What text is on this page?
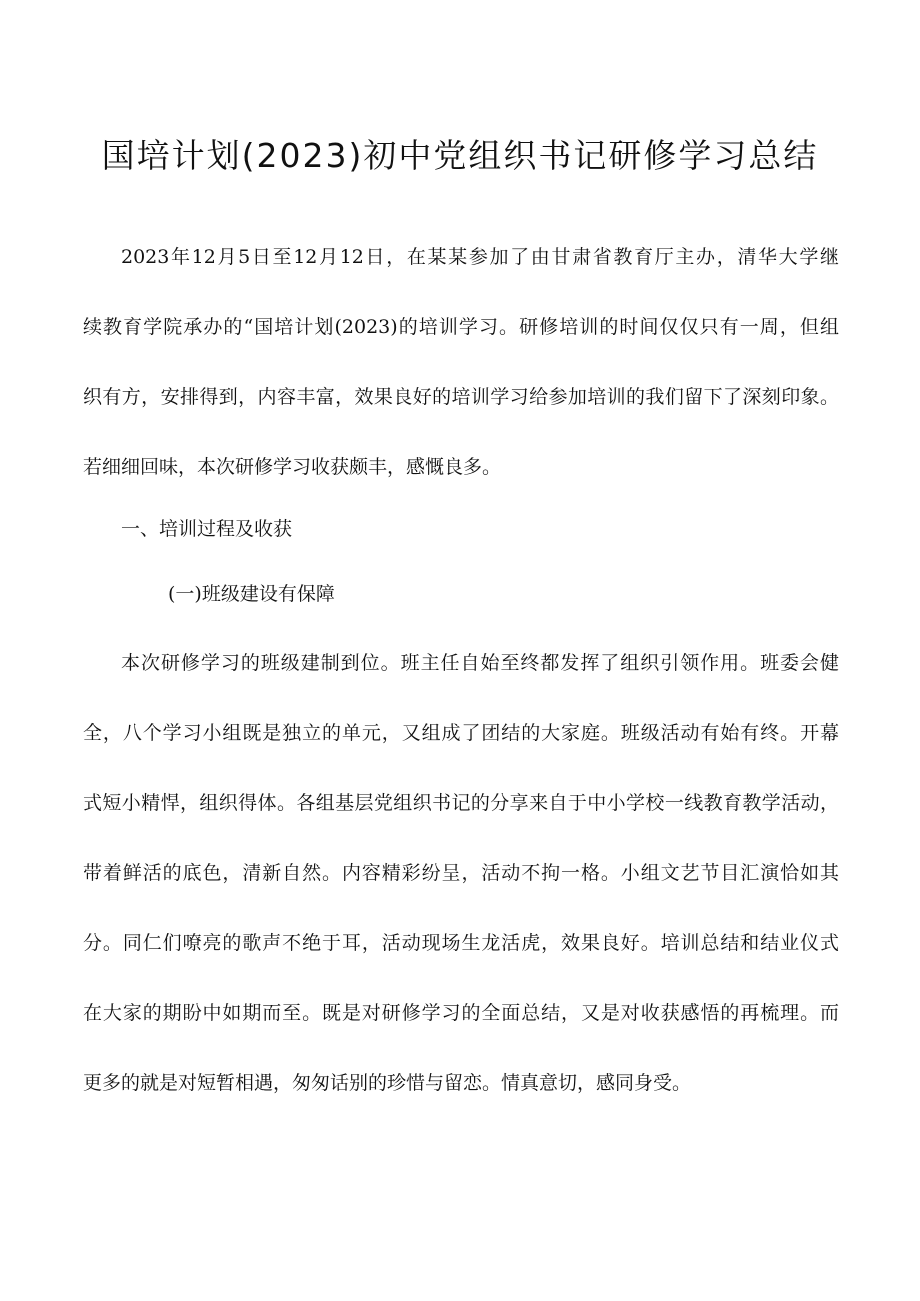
国培计划(2023)初中党组织书记研修学习总结
2023年12月5日至12月12日，在某某参加了由甘肃省教育厅主办，清华大学继
续教育学院承办的“国培计划(2023)的培训学习。研修培训的时间仅仅只有一周，但组
织有方，安排得到，内容丰富，效果良好的培训学习给参加培训的我们留下了深刻印象。
若细细回味，本次研修学习收获颇丰，感慨良多。

一、培训过程及收获

(一)班级建设有保障

本次研修学习的班级建制到位。班主任自始至终都发挥了组织引领作用。班委会健
全，八个学习小组既是独立的单元，又组成了团结的大家庭。班级活动有始有终。开幕
式短小精悍，组织得体。各组基层党组织书记的分享来自于中小学校一线教育教学活动，
带着鲜活的底色，清新自然。内容精彩纷呈，活动不拘一格。小组文艺节目汇演恰如其
分。同仁们嘹亮的歌声不绝于耳，活动现场生龙活虎，效果良好。培训总结和结业仪式
在大家的期盼中如期而至。既是对研修学习的全面总结，又是对收获感悟的再梳理。而
更多的就是对短暂相遇，匆匆话别的珍惜与留恋。情真意切，感同身受。
